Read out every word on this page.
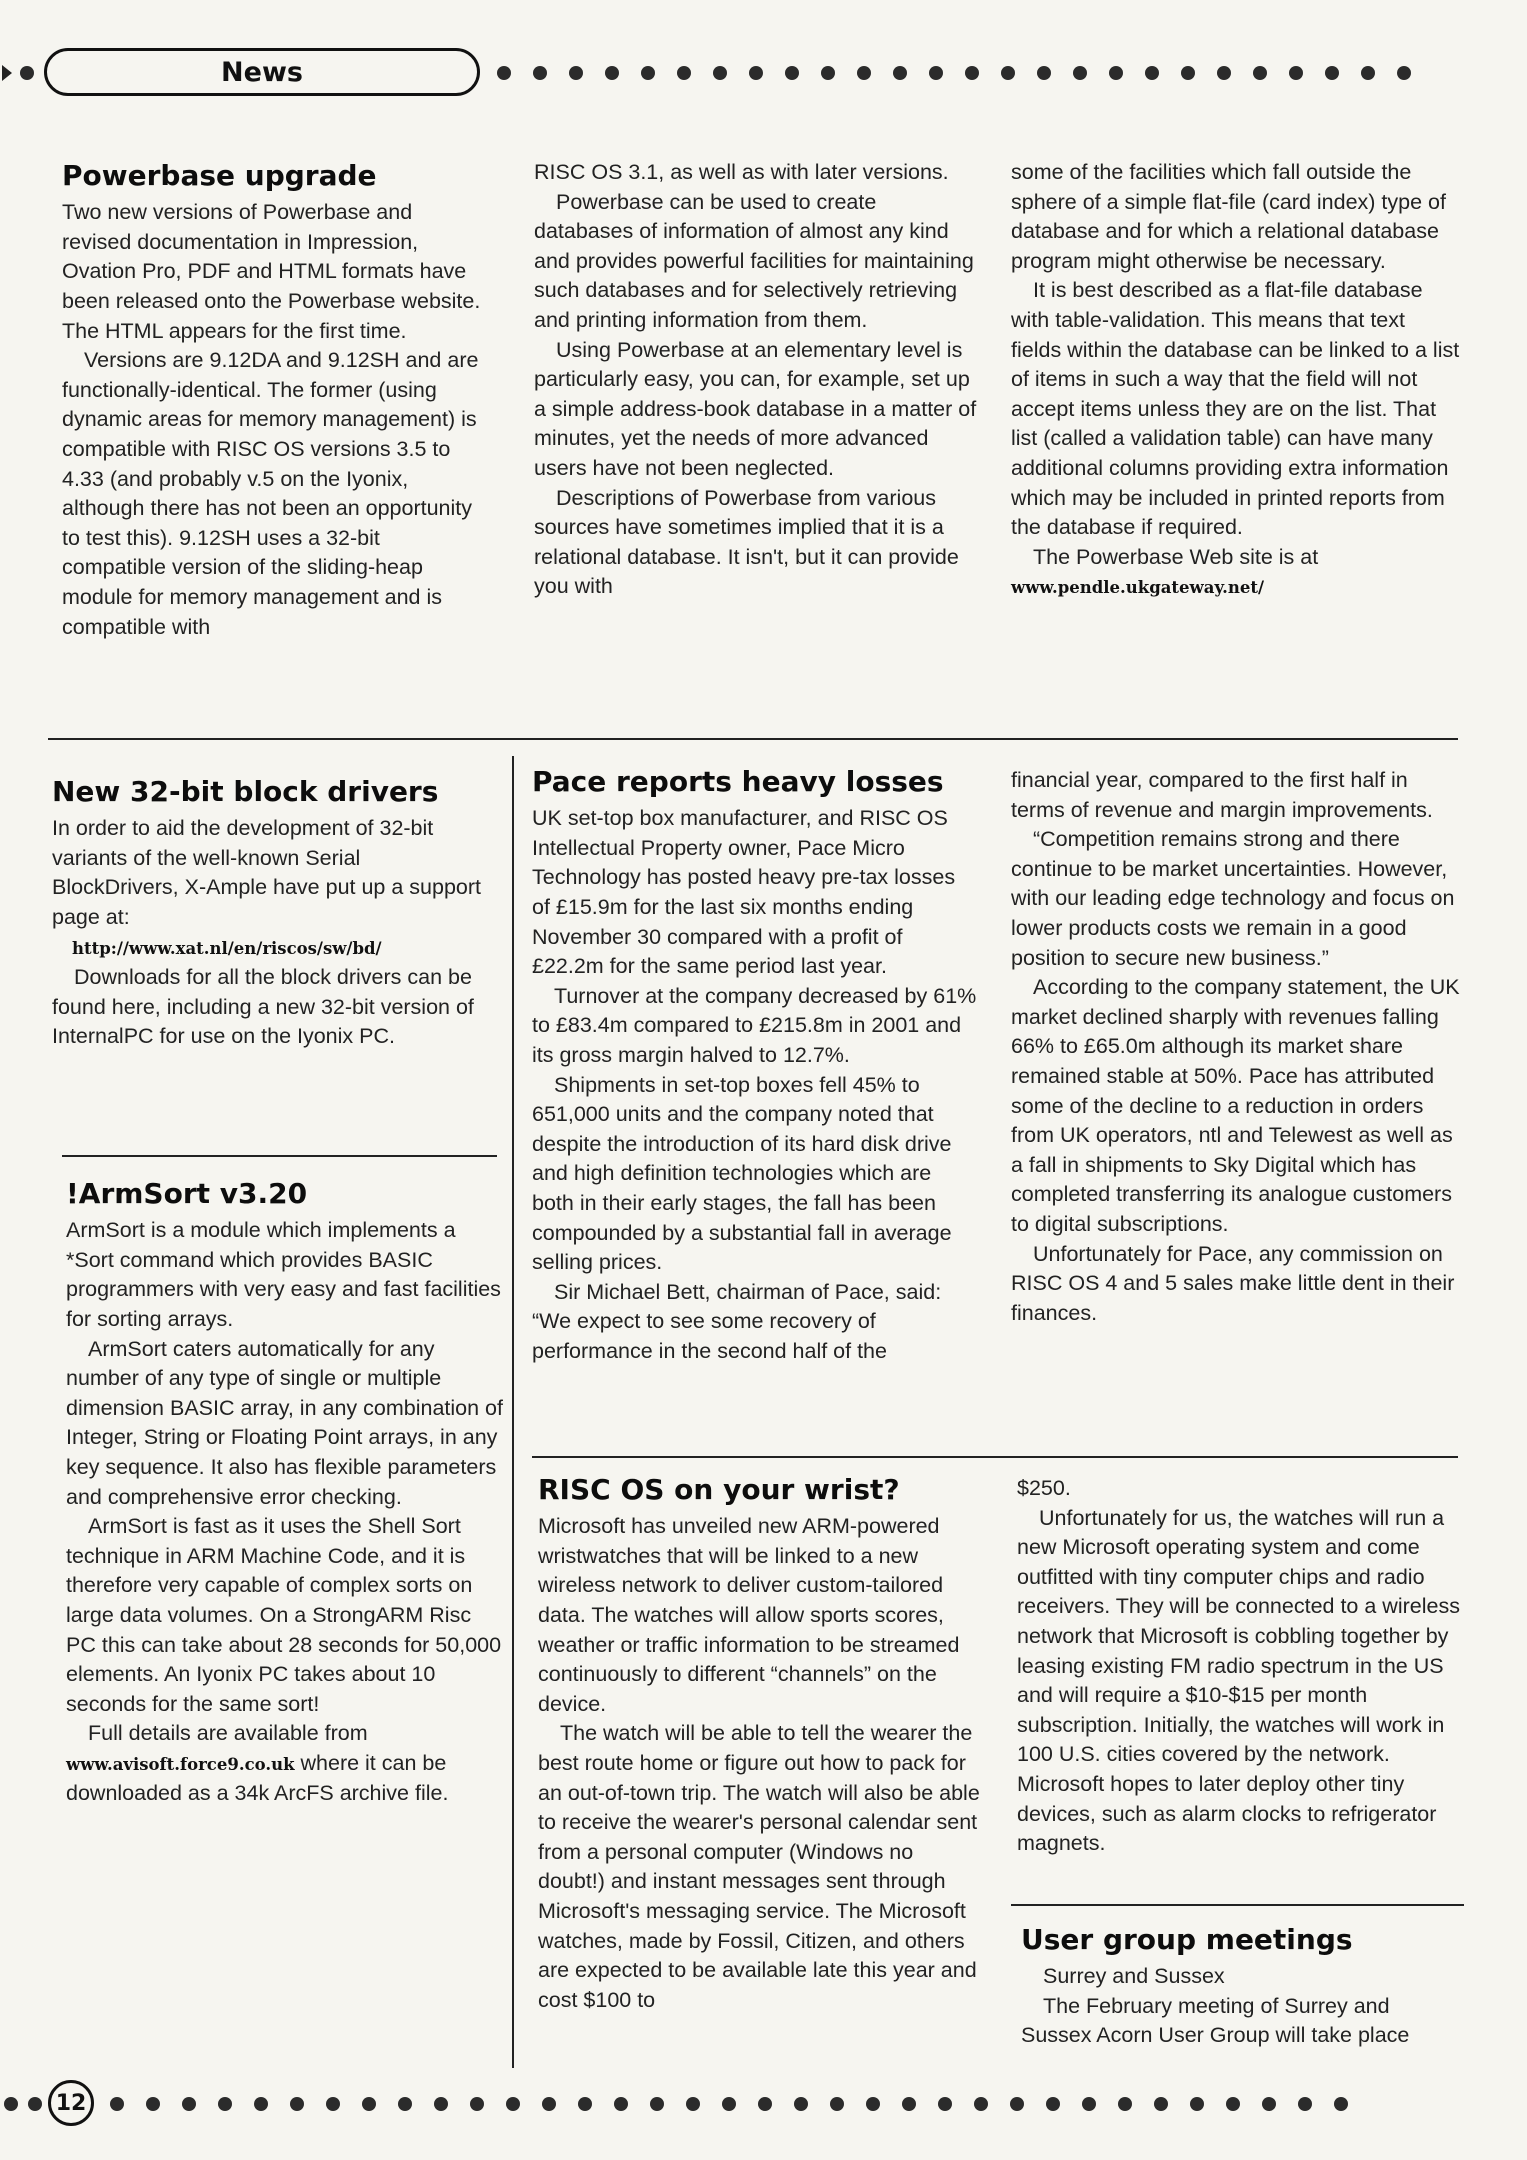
News
Powerbase upgrade

Two new versions of Powerbase and revised documentation in Impression, Ovation Pro, PDF and HTML formats have been released onto the Powerbase website. The HTML appears for the first time.

Versions are 9.12DA and 9.12SH and are functionally-identical. The former (using dynamic areas for memory management) is compatible with RISC OS versions 3.5 to 4.33 (and probably v.5 on the Iyonix, although there has not been an opportunity to test this). 9.12SH uses a 32-bit compatible version of the sliding-heap module for memory management and is compatible with

RISC OS 3.1, as well as with later versions.

Powerbase can be used to create databases of information of almost any kind and provides powerful facilities for maintaining such databases and for selectively retrieving and printing information from them.

Using Powerbase at an elementary level is particularly easy, you can, for example, set up a simple address-book database in a matter of minutes, yet the needs of more advanced users have not been neglected.

Descriptions of Powerbase from various sources have sometimes implied that it is a relational database. It isn't, but it can provide you with

some of the facilities which fall outside the sphere of a simple flat-file (card index) type of database and for which a relational database program might otherwise be necessary.

It is best described as a flat-file database with table-validation. This means that text fields within the database can be linked to a list of items in such a way that the field will not accept items unless they are on the list. That list (called a validation table) can have many additional columns providing extra information which may be included in printed reports from the database if required.

The Powerbase Web site is at

www.pendle.ukgateway.net/

New 32-bit block drivers

In order to aid the development of 32-bit variants of the well-known Serial BlockDrivers, X-Ample have put up a support page at:

http://www.xat.nl/en/riscos/sw/bd/

Downloads for all the block drivers can be found here, including a new 32-bit version of InternalPC for use on the Iyonix PC.

!ArmSort v3.20

ArmSort is a module which implements a *Sort command which provides BASIC programmers with very easy and fast facilities for sorting arrays.

ArmSort caters automatically for any number of any type of single or multiple dimension BASIC array, in any combination of Integer, String or Floating Point arrays, in any key sequence. It also has flexible parameters and comprehensive error checking.

ArmSort is fast as it uses the Shell Sort technique in ARM Machine Code, and it is therefore very capable of complex sorts on large data volumes. On a StrongARM Risc PC this can take about 28 seconds for 50,000 elements. An Iyonix PC takes about 10 seconds for the same sort!

Full details are available from www.avisoft.force9.co.uk where it can be downloaded as a 34k ArcFS archive file.

Pace reports heavy losses

UK set-top box manufacturer, and RISC OS Intellectual Property owner, Pace Micro Technology has posted heavy pre-tax losses of £15.9m for the last six months ending November 30 compared with a profit of £22.2m for the same period last year.

Turnover at the company decreased by 61% to £83.4m compared to £215.8m in 2001 and its gross margin halved to 12.7%.

Shipments in set-top boxes fell 45% to 651,000 units and the company noted that despite the introduction of its hard disk drive and high definition technologies which are both in their early stages, the fall has been compounded by a substantial fall in average selling prices.

Sir Michael Bett, chairman of Pace, said: “We expect to see some recovery of performance in the second half of the

financial year, compared to the first half in terms of revenue and margin improvements.

“Competition remains strong and there continue to be market uncertainties. However, with our leading edge technology and focus on lower products costs we remain in a good position to secure new business.”

According to the company statement, the UK market declined sharply with revenues falling 66% to £65.0m although its market share remained stable at 50%. Pace has attributed some of the decline to a reduction in orders from UK operators, ntl and Telewest as well as a fall in shipments to Sky Digital which has completed transferring its analogue customers to digital subscriptions.

Unfortunately for Pace, any commission on RISC OS 4 and 5 sales make little dent in their finances.

RISC OS on your wrist?

Microsoft has unveiled new ARM-powered wristwatches that will be linked to a new wireless network to deliver custom-tailored data. The watches will allow sports scores, weather or traffic information to be streamed continuously to different “channels” on the device.

The watch will be able to tell the wearer the best route home or figure out how to pack for an out-of-town trip. The watch will also be able to receive the wearer's personal calendar sent from a personal computer (Windows no doubt!) and instant messages sent through Microsoft's messaging service. The Microsoft watches, made by Fossil, Citizen, and others are expected to be available late this year and cost $100 to

$250.

Unfortunately for us, the watches will run a new Microsoft operating system and come outfitted with tiny computer chips and radio receivers. They will be connected to a wireless network that Microsoft is cobbling together by leasing existing FM radio spectrum in the US and will require a $10-$15 per month subscription. Initially, the watches will work in 100 U.S. cities covered by the network. Microsoft hopes to later deploy other tiny devices, such as alarm clocks to refrigerator magnets.

User group meetings

Surrey and Sussex

The February meeting of Surrey and Sussex Acorn User Group will take place

12
